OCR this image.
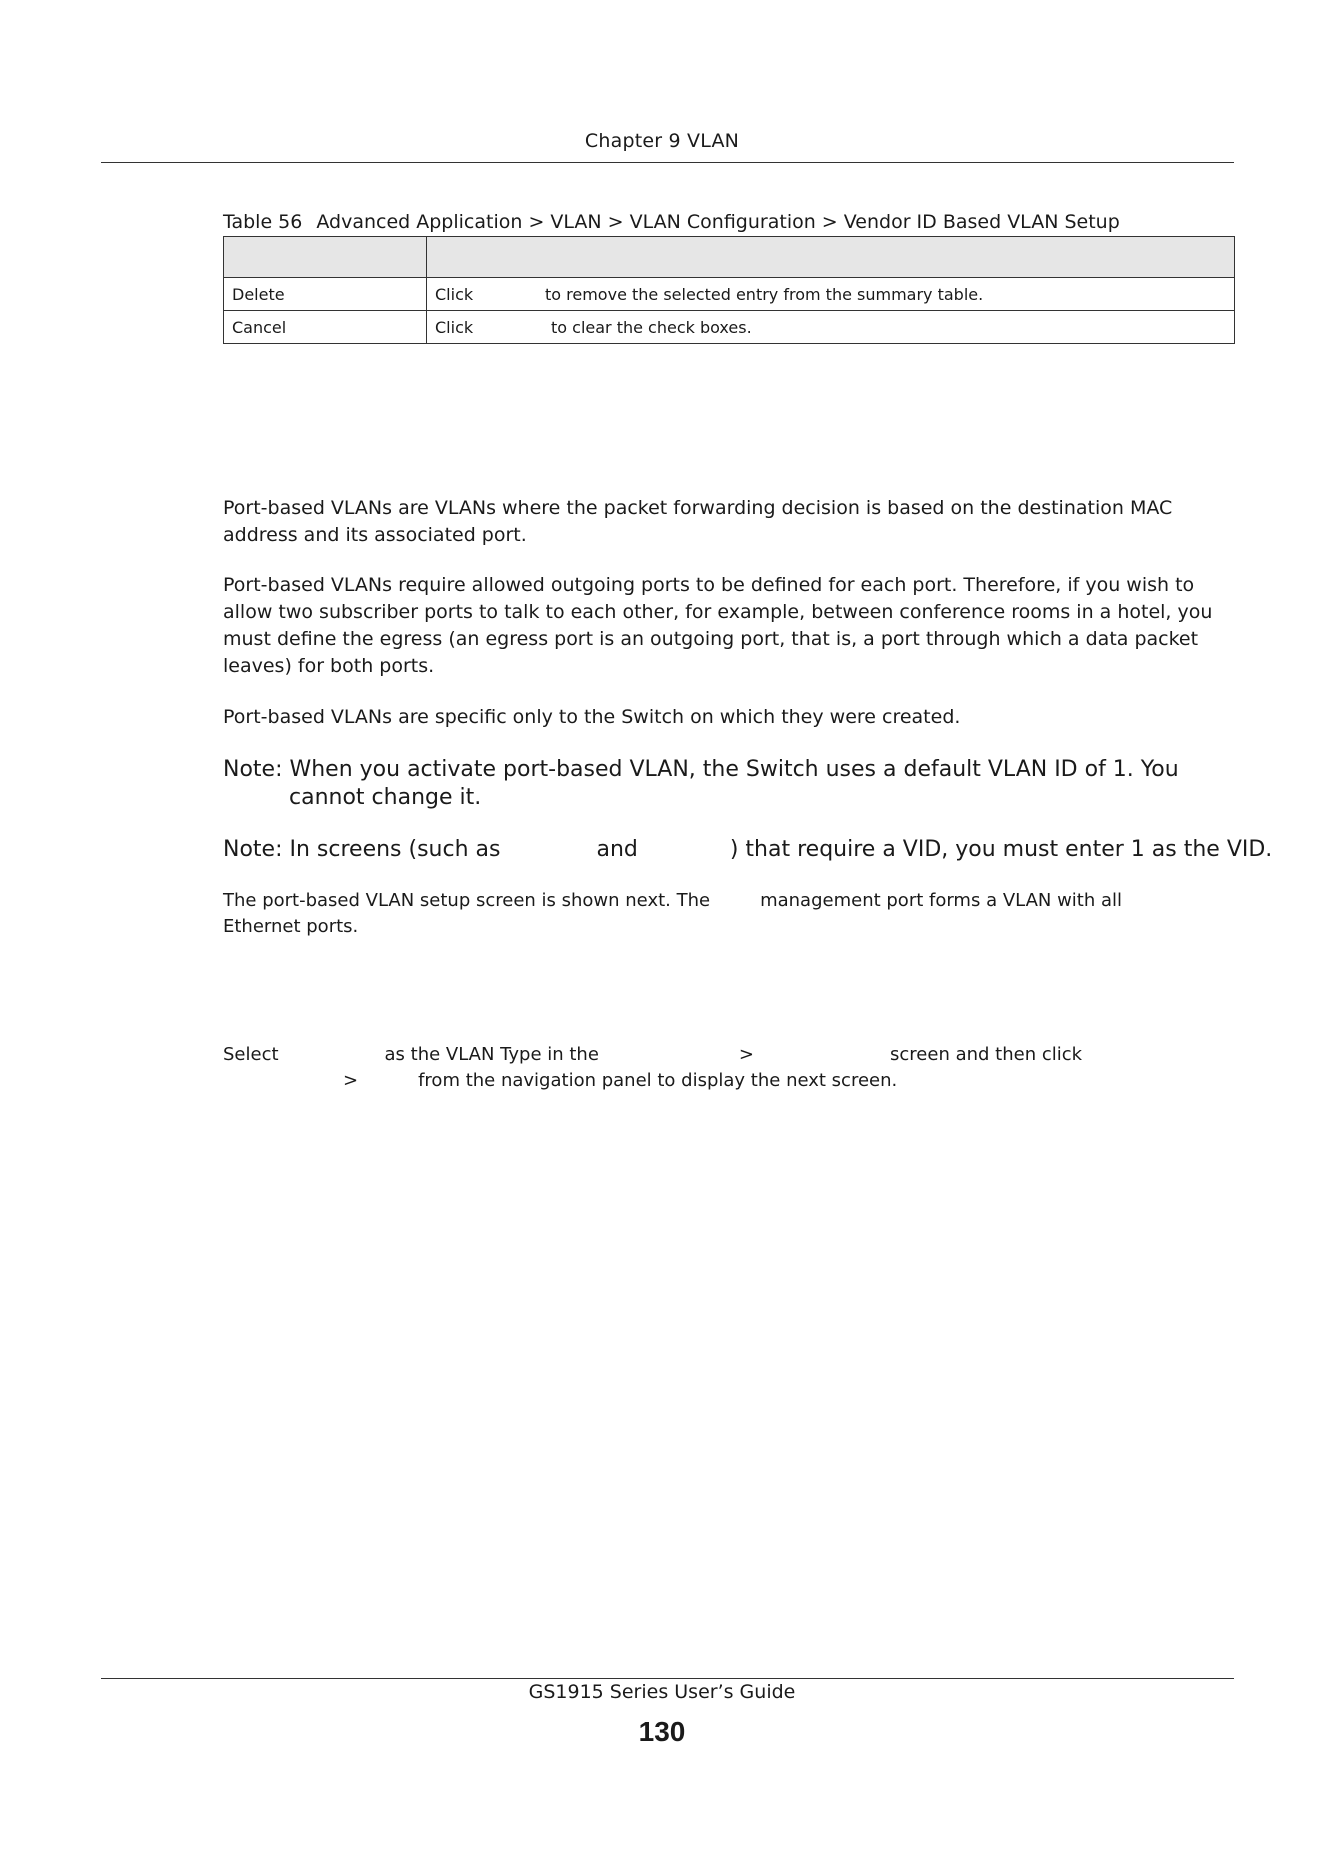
Chapter 9 VLAN
Table 56 Advanced Application > VLAN > VLAN Configuration > Vendor ID Based VLAN Setup

Delete	Click to remove the selected entry from the summary table.
Cancel	Click to clear the check boxes.

Port-based VLANs are VLANs where the packet forwarding decision is based on the destination MAC
address and its associated port.

Port-based VLANs require allowed outgoing ports to be defined for each port. Therefore, if you wish to
allow two subscriber ports to talk to each other, for example, between conference rooms in a hotel, you
must define the egress (an egress port is an outgoing port, that is, a port through which a data packet
leaves) for both ports.

Port-based VLANs are specific only to the Switch on which they were created.

Note: When you activate port-based VLAN, the Switch uses a default VLAN ID of 1. You
cannot change it.

Note: In screens (such as	and	) that require a VID, you must enter 1 as the VID.

The port-based VLAN setup screen is shown next. The	management port forms a VLAN with all
Ethernet ports.

Select	as the VLAN Type in the	>	screen and then click
>	from the navigation panel to display the next screen.

GS1915 Series User’s Guide
130
